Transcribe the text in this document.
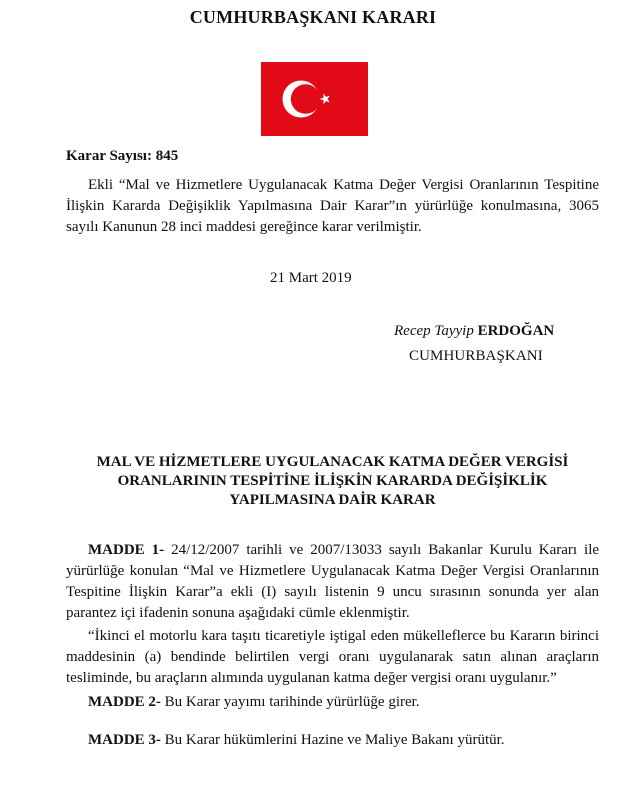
CUMHURBAŞKANI KARARI
Karar Sayısı: 845
Ekli “Mal ve Hizmetlere Uygulanacak Katma Değer Vergisi Oranlarının Tespitine İlişkin Kararda Değişiklik Yapılmasına Dair Karar”ın yürürlüğe konulmasına, 3065 sayılı Kanunun 28 inci maddesi gereğince karar verilmiştir.
21 Mart 2019
Recep Tayyip ERDOĞAN
CUMHURBAŞKANI
MAL VE HİZMETLERE UYGULANACAK KATMA DEĞER VERGİSİ
ORANLARININ TESPİTİNE İLİŞKİN KARARDA DEĞİŞİKLİK
YAPILMASINA DAİR KARAR
MADDE 1- 24/12/2007 tarihli ve 2007/13033 sayılı Bakanlar Kurulu Kararı ile yürürlüğe konulan “Mal ve Hizmetlere Uygulanacak Katma Değer Vergisi Oranlarının Tespitine İlişkin Karar”a ekli (I) sayılı listenin 9 uncu sırasının sonunda yer alan parantez içi ifadenin sonuna aşağıdaki cümle eklenmiştir.
“İkinci el motorlu kara taşıtı ticaretiyle iştigal eden mükelleflerce bu Kararın birinci maddesinin (a) bendinde belirtilen vergi oranı uygulanarak satın alınan araçların tesliminde, bu araçların alımında uygulanan katma değer vergisi oranı uygulanır.”
MADDE 2- Bu Karar yayımı tarihinde yürürlüğe girer.
MADDE 3- Bu Karar hükümlerini Hazine ve Maliye Bakanı yürütür.
